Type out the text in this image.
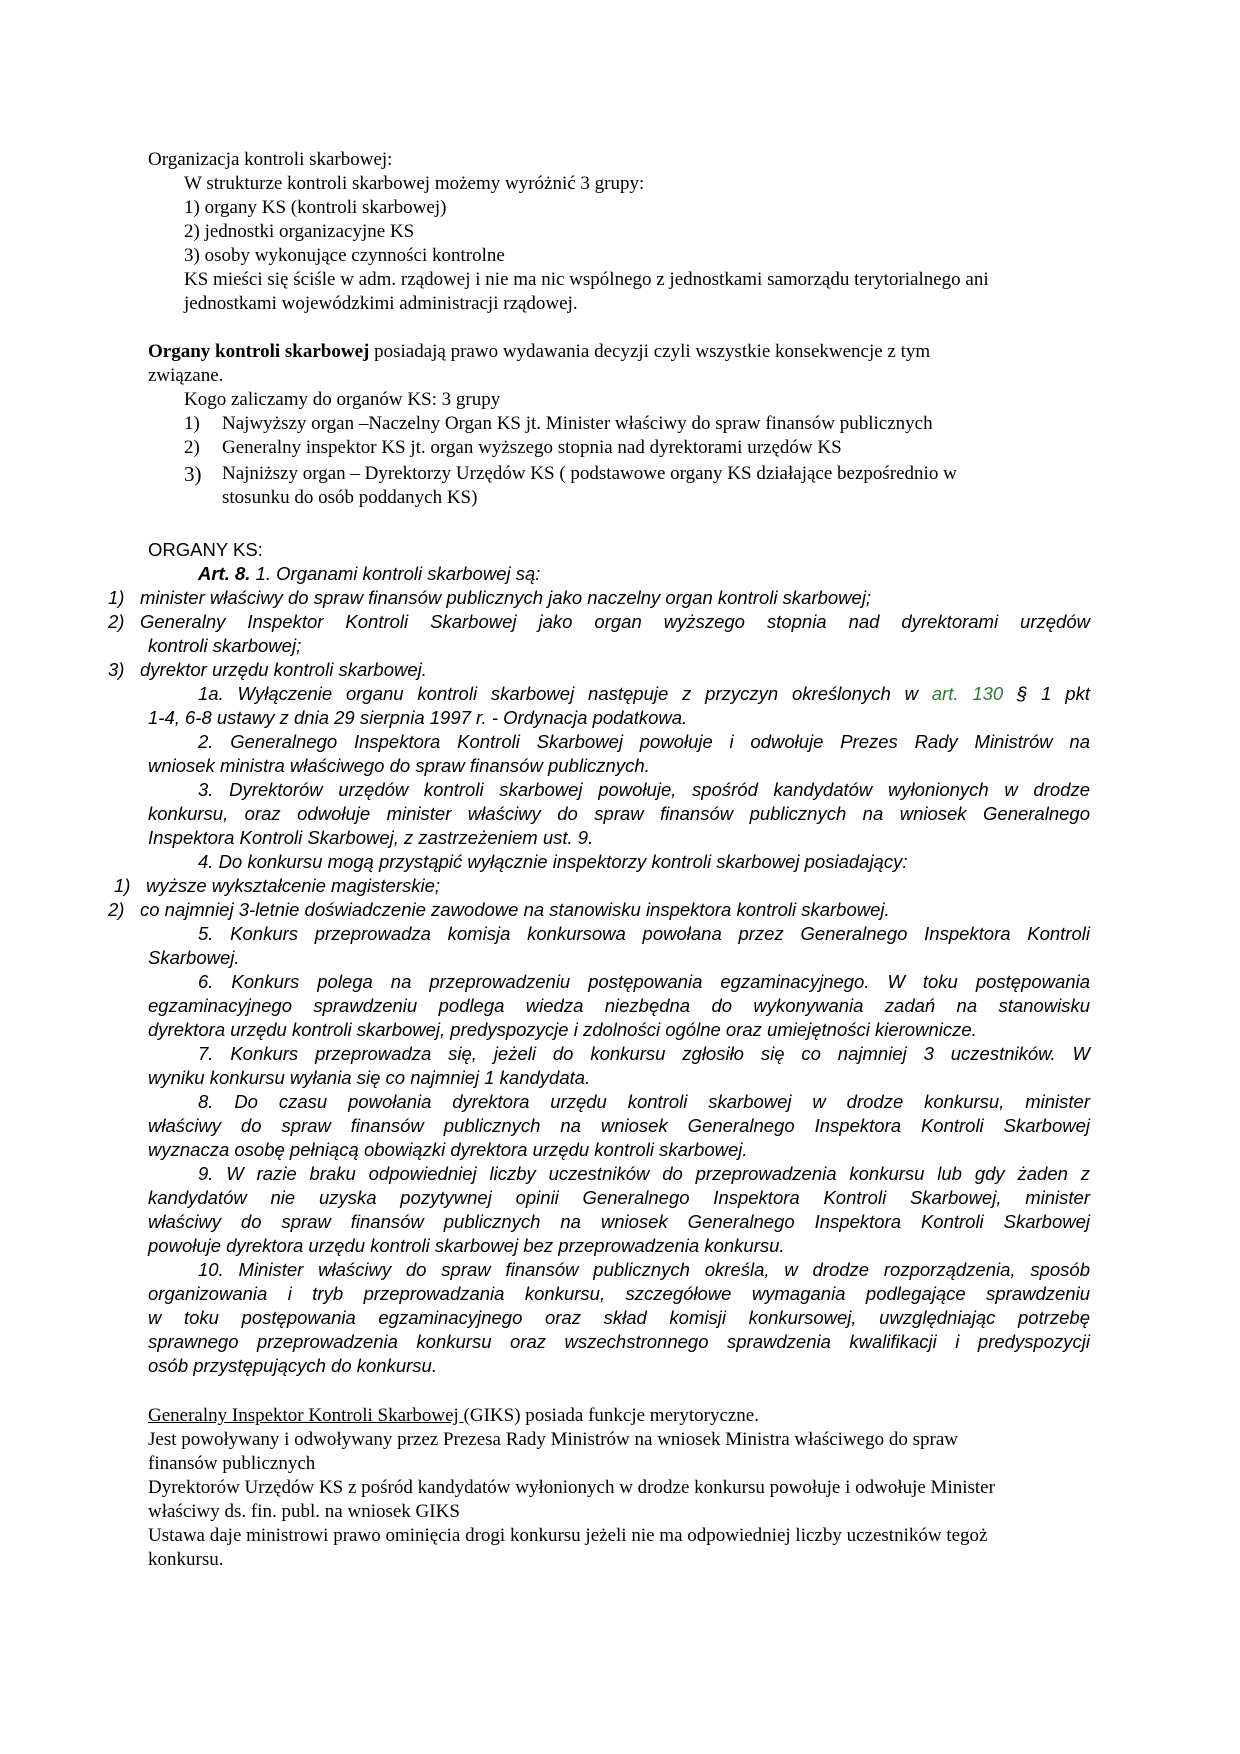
Organizacja kontroli skarbowej:
W strukturze kontroli skarbowej możemy wyróżnić 3 grupy:
1) organy KS (kontroli skarbowej)
2) jednostki organizacyjne KS
3) osoby wykonujące czynności kontrolne
KS mieści się ściśle w adm. rządowej i nie ma nic wspólnego z jednostkami samorządu terytorialnego ani
jednostkami wojewódzkimi administracji rządowej.
Organy kontroli skarbowej posiadają prawo wydawania decyzji czyli wszystkie konsekwencje z tym
związane.
Kogo zaliczamy do organów KS: 3 grupy
1) Najwyższy organ –Naczelny Organ KS jt. Minister właściwy do spraw finansów publicznych
2) Generalny inspektor KS jt. organ wyższego stopnia nad dyrektorami urzędów KS
3) Najniższy organ – Dyrektorzy Urzędów KS ( podstawowe organy KS działające bezpośrednio w
stosunku do osób poddanych KS)
ORGANY KS:
Art. 8. 1. Organami kontroli skarbowej są:
1) minister właściwy do spraw finansów publicznych jako naczelny organ kontroli skarbowej;
2) Generalny Inspektor Kontroli Skarbowej jako organ wyższego stopnia nad dyrektorami urzędów
kontroli skarbowej;
3) dyrektor urzędu kontroli skarbowej.
1a. Wyłączenie organu kontroli skarbowej następuje z przyczyn określonych w art. 130 § 1 pkt
1-4, 6-8 ustawy z dnia 29 sierpnia 1997 r. - Ordynacja podatkowa.
2. Generalnego Inspektora Kontroli Skarbowej powołuje i odwołuje Prezes Rady Ministrów na
wniosek ministra właściwego do spraw finansów publicznych.
3. Dyrektorów urzędów kontroli skarbowej powołuje, spośród kandydatów wyłonionych w drodze
konkursu, oraz odwołuje minister właściwy do spraw finansów publicznych na wniosek Generalnego
Inspektora Kontroli Skarbowej, z zastrzeżeniem ust. 9.
4. Do konkursu mogą przystąpić wyłącznie inspektorzy kontroli skarbowej posiadający:
1) wyższe wykształcenie magisterskie;
2) co najmniej 3-letnie doświadczenie zawodowe na stanowisku inspektora kontroli skarbowej.
5. Konkurs przeprowadza komisja konkursowa powołana przez Generalnego Inspektora Kontroli
Skarbowej.
6. Konkurs polega na przeprowadzeniu postępowania egzaminacyjnego. W toku postępowania
egzaminacyjnego sprawdzeniu podlega wiedza niezbędna do wykonywania zadań na stanowisku
dyrektora urzędu kontroli skarbowej, predyspozycje i zdolności ogólne oraz umiejętności kierownicze.
7. Konkurs przeprowadza się, jeżeli do konkursu zgłosiło się co najmniej 3 uczestników. W
wyniku konkursu wyłania się co najmniej 1 kandydata.
8. Do czasu powołania dyrektora urzędu kontroli skarbowej w drodze konkursu, minister
właściwy do spraw finansów publicznych na wniosek Generalnego Inspektora Kontroli Skarbowej
wyznacza osobę pełniącą obowiązki dyrektora urzędu kontroli skarbowej.
9. W razie braku odpowiedniej liczby uczestników do przeprowadzenia konkursu lub gdy żaden z
kandydatów nie uzyska pozytywnej opinii Generalnego Inspektora Kontroli Skarbowej, minister
właściwy do spraw finansów publicznych na wniosek Generalnego Inspektora Kontroli Skarbowej
powołuje dyrektora urzędu kontroli skarbowej bez przeprowadzenia konkursu.
10. Minister właściwy do spraw finansów publicznych określa, w drodze rozporządzenia, sposób
organizowania i tryb przeprowadzania konkursu, szczegółowe wymagania podlegające sprawdzeniu
w toku postępowania egzaminacyjnego oraz skład komisji konkursowej, uwzględniając potrzebę
sprawnego przeprowadzenia konkursu oraz wszechstronnego sprawdzenia kwalifikacji i predyspozycji
osób przystępujących do konkursu.
Generalny Inspektor Kontroli Skarbowej (GIKS) posiada funkcje merytoryczne.
Jest powoływany i odwoływany przez Prezesa Rady Ministrów na wniosek Ministra właściwego do spraw
finansów publicznych
Dyrektorów Urzędów KS z pośród kandydatów wyłonionych w drodze konkursu powołuje i odwołuje Minister
właściwy ds. fin. publ. na wniosek GIKS
Ustawa daje ministrowi prawo ominięcia drogi konkursu jeżeli nie ma odpowiedniej liczby uczestników tegoż
konkursu.
